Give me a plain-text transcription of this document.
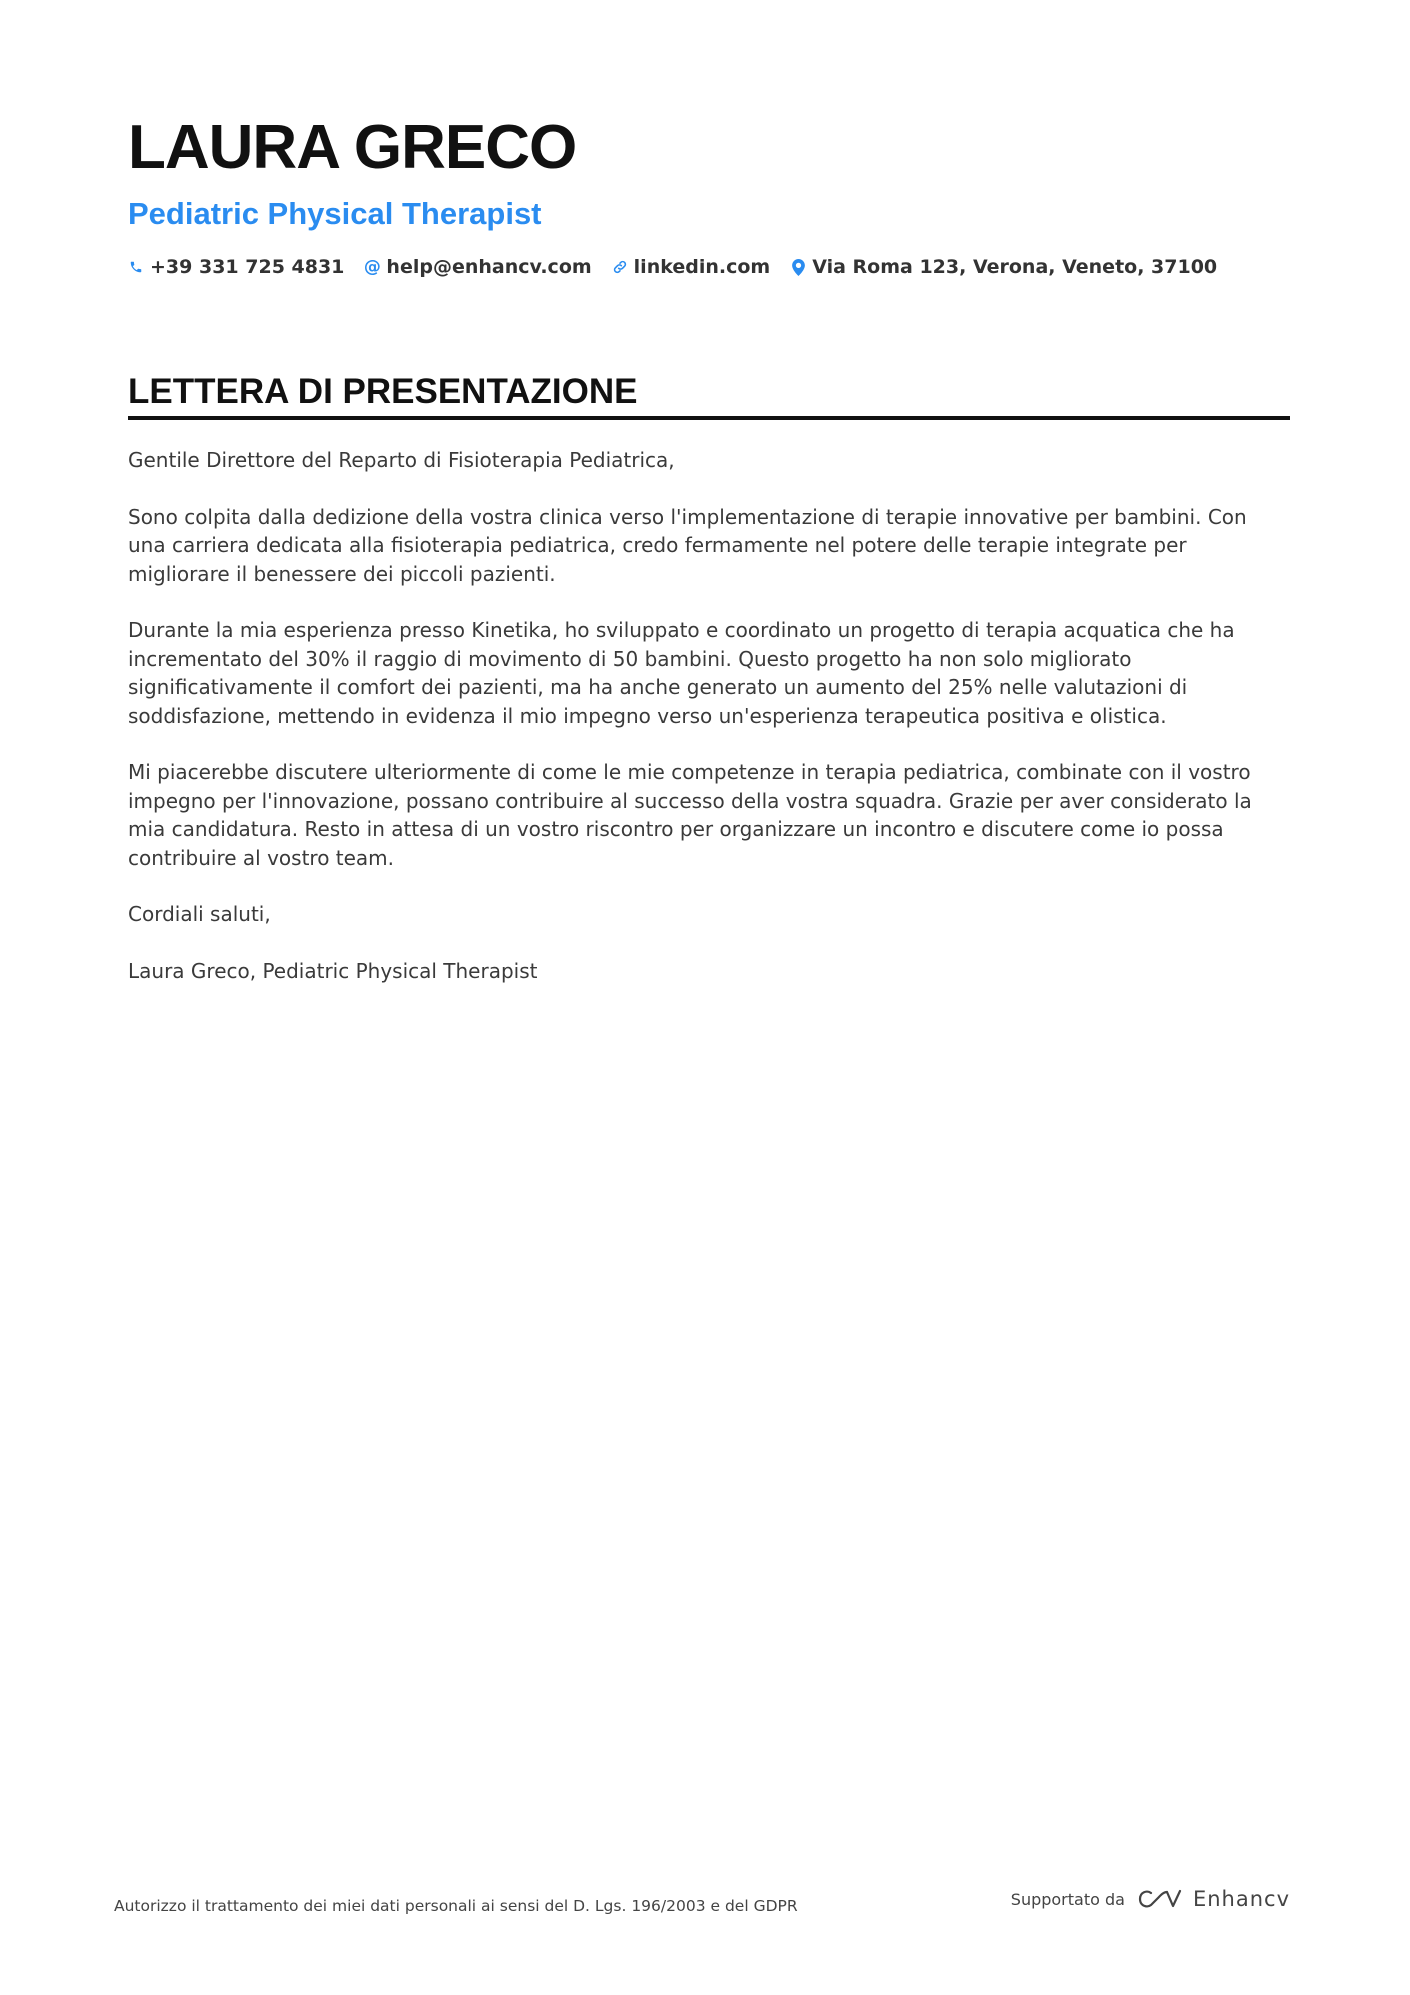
LAURA GRECO
Pediatric Physical Therapist
+39 331 725 4831 @ help@enhancv.com linkedin.com Via Roma 123, Verona, Veneto, 37100
LETTERA DI PRESENTAZIONE

Gentile Direttore del Reparto di Fisioterapia Pediatrica,

Sono colpita dalla dedizione della vostra clinica verso l'implementazione di terapie innovative per bambini. Con una carriera dedicata alla fisioterapia pediatrica, credo fermamente nel potere delle terapie integrate per migliorare il benessere dei piccoli pazienti.

Durante la mia esperienza presso Kinetika, ho sviluppato e coordinato un progetto di terapia acquatica che ha incrementato del 30% il raggio di movimento di 50 bambini. Questo progetto ha non solo migliorato significativamente il comfort dei pazienti, ma ha anche generato un aumento del 25% nelle valutazioni di soddisfazione, mettendo in evidenza il mio impegno verso un'esperienza terapeutica positiva e olistica.

Mi piacerebbe discutere ulteriormente di come le mie competenze in terapia pediatrica, combinate con il vostro impegno per l'innovazione, possano contribuire al successo della vostra squadra. Grazie per aver considerato la mia candidatura. Resto in attesa di un vostro riscontro per organizzare un incontro e discutere come io possa contribuire al vostro team.

Cordiali saluti,

Laura Greco, Pediatric Physical Therapist

Autorizzo il trattamento dei miei dati personali ai sensi del D. Lgs. 196/2003 e del GDPR	Supportato da	Enhancv
